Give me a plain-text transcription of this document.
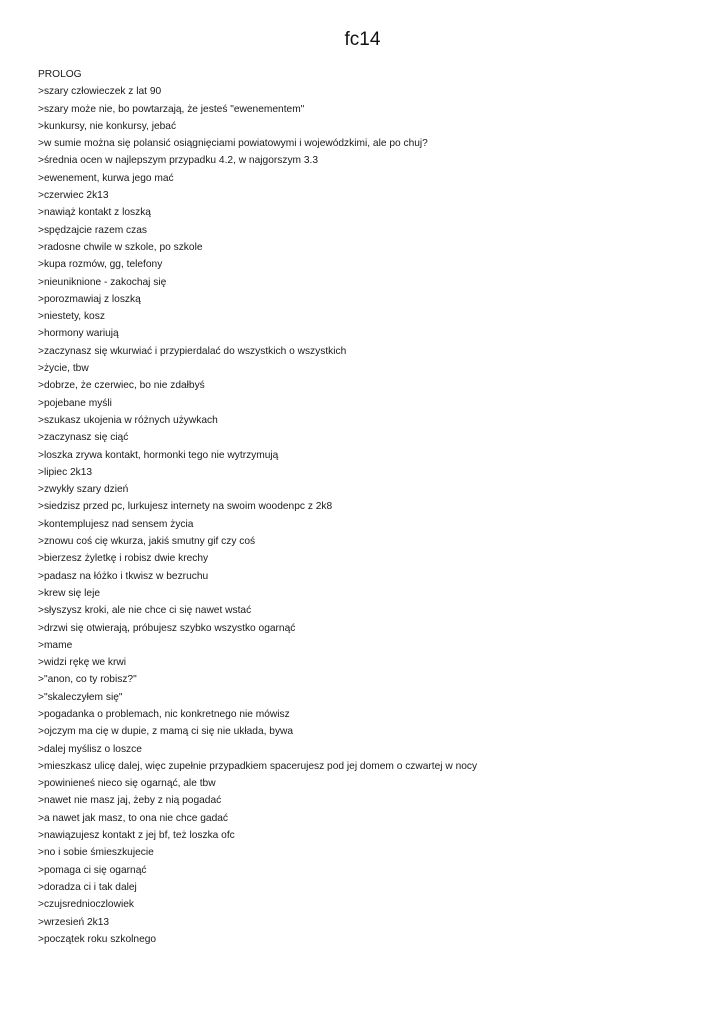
fc14
PROLOG
>szary człowieczek z lat 90
>szary może nie, bo powtarzają, że jesteś "ewenementem"
>kunkursy, nie konkursy, jebać
>w sumie można się polansić osiągnięciami powiatowymi i wojewódzkimi, ale po chuj?
>średnia ocen w najlepszym przypadku 4.2, w najgorszym 3.3
>ewenement, kurwa jego mać
>czerwiec 2k13
>nawiąż kontakt z loszką
>spędzajcie razem czas
>radosne chwile w szkole, po szkole
>kupa rozmów, gg, telefony
>nieuniknione - zakochaj się
>porozmawiaj z loszką
>niestety, kosz
>hormony wariują
>zaczynasz się wkurwiać i przypierdalać do wszystkich o wszystkich
>życie, tbw
>dobrze, że czerwiec, bo nie zdałbyś
>pojebane myśli
>szukasz ukojenia w różnych używkach
>zaczynasz się ciąć
>loszka zrywa kontakt, hormonki tego nie wytrzymują
>lipiec 2k13
>zwykły szary dzień
>siedzisz przed pc, lurkujesz internety na swoim woodenpc z 2k8
>kontemplujesz nad sensem życia
>znowu coś cię wkurza, jakiś smutny gif czy coś
>bierzesz żyletkę i robisz dwie krechy
>padasz na łóżko i tkwisz w bezruchu
>krew się leje
>słyszysz kroki, ale nie chce ci się nawet wstać
>drzwi się otwierają, próbujesz szybko wszystko ogarnąć
>mame
>widzi rękę we krwi
>"anon, co ty robisz?"
>"skaleczyłem się"
>pogadanka o problemach, nic konkretnego nie mówisz
>ojczym ma cię w dupie, z mamą ci się nie układa, bywa
>dalej myślisz o loszce
>mieszkasz ulicę dalej, więc zupełnie przypadkiem spacerujesz pod jej domem o czwartej w nocy
>powinieneś nieco się ogarnąć, ale tbw
>nawet nie masz jaj, żeby z nią pogadać
>a nawet jak masz, to ona nie chce gadać
>nawiązujesz kontakt z jej bf, też loszka ofc
>no i sobie śmieszkujecie
>pomaga ci się ogarnąć
>doradza ci i tak dalej
>czujsrednioczlowiek
>wrzesień 2k13
>początek roku szkolnego
